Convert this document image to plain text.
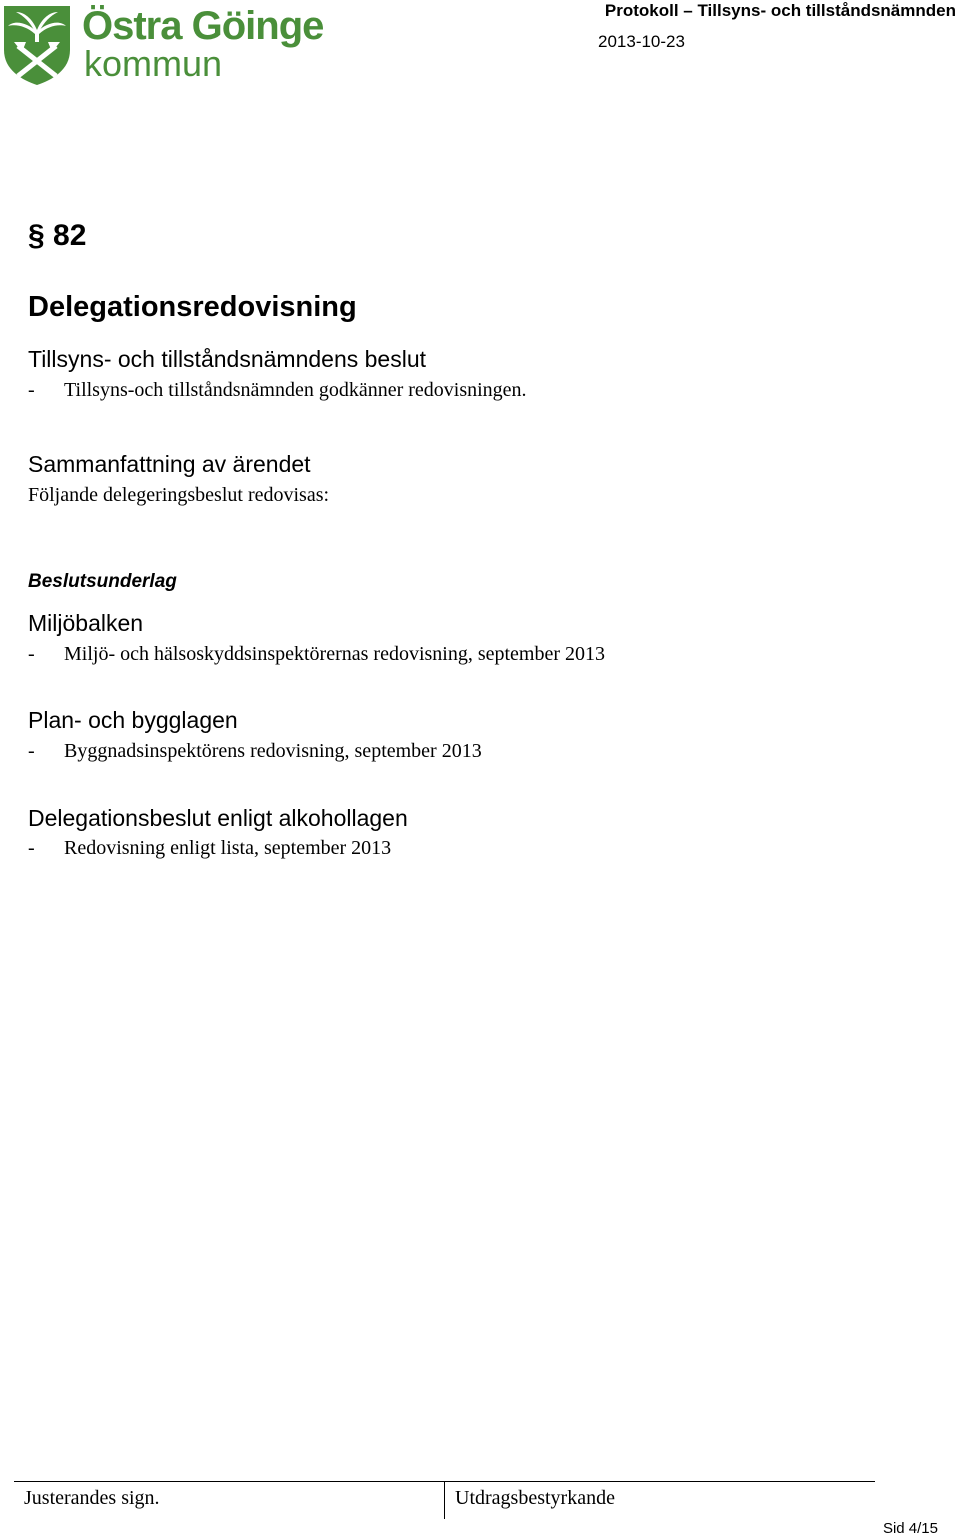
Östra Göinge
kommun
Protokoll – Tillsyns- och tillståndsnämnden
2013-10-23
§ 82
Delegationsredovisning
Tillsyns- och tillståndsnämndens beslut
- Tillsyns-och tillståndsnämnden godkänner redovisningen.
Sammanfattning av ärendet
Följande delegeringsbeslut redovisas:
Beslutsunderlag
Miljöbalken
- Miljö- och hälsoskyddsinspektörernas redovisning, september 2013
Plan- och bygglagen
- Byggnadsinspektörens redovisning, september 2013
Delegationsbeslut enligt alkohollagen
- Redovisning enligt lista, september 2013
Justerandes sign.	Utdragsbestyrkande
Sid 4/15
